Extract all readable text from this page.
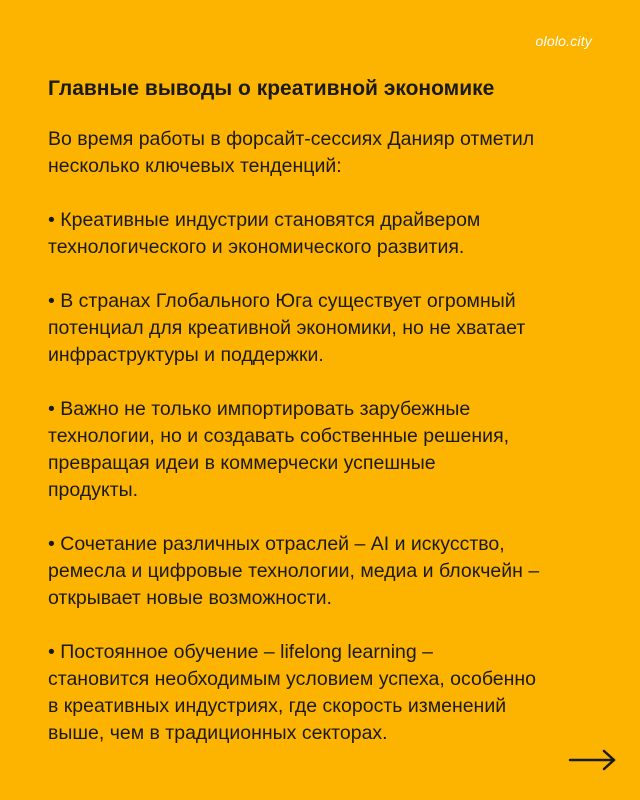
ololo.city
Главные выводы о креативной экономике
Во время работы в форсайт-сессиях Данияр отметил
несколько ключевых тенденций:
• Креативные индустрии становятся драйвером
технологического и экономического развития.
• В странах Глобального Юга существует огромный
потенциал для креативной экономики, но не хватает
инфраструктуры и поддержки.
• Важно не только импортировать зарубежные
технологии, но и создавать собственные решения,
превращая идеи в коммерчески успешные
продукты.
• Сочетание различных отраслей – AI и искусство,
ремесла и цифровые технологии, медиа и блокчейн –
открывает новые возможности.
• Постоянное обучение – lifelong learning –
становится необходимым условием успеха, особенно
в креативных индустриях, где скорость изменений
выше, чем в традиционных секторах.
